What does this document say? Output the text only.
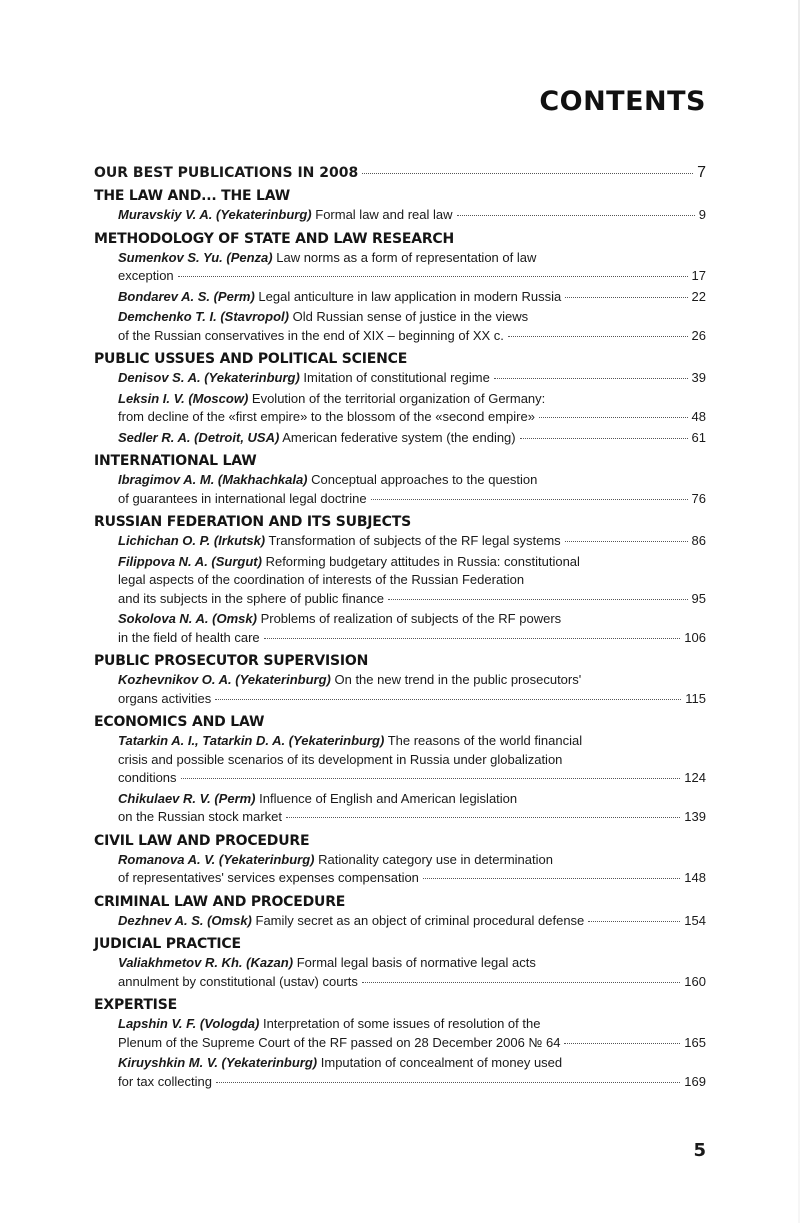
CONTENTS
OUR BEST PUBLICATIONS IN 2008	7
THE LAW AND... THE LAW
Muravskiy V. A. (Yekaterinburg) Formal law and real law	9
METHODOLOGY OF STATE AND LAW RESEARCH
Sumenkov S. Yu. (Penza) Law norms as a form of representation of law
exception	17
Bondarev A. S. (Perm) Legal anticulture in law application in modern Russia	22
Demchenko T. I. (Stavropol) Old Russian sense of justice in the views
of the Russian conservatives in the end of XIX – beginning of XX c.	26
PUBLIC USSUES AND POLITICAL SCIENCE
Denisov S. A. (Yekaterinburg) Imitation of constitutional regime	39
Leksin I. V. (Moscow) Evolution of the territorial organization of Germany:
from decline of the «first empire» to the blossom of the «second empire»	48
Sedler R. A. (Detroit, USA) American federative system (the ending)	61
INTERNATIONAL LAW
Ibragimov A. M. (Makhachkala) Conceptual approaches to the question
of guarantees in international legal doctrine	76
RUSSIAN FEDERATION AND ITS SUBJECTS
Lichichan O. P. (Irkutsk) Transformation of subjects of the RF legal systems	86
Filippova N. A. (Surgut) Reforming budgetary attitudes in Russia: constitutional
legal aspects of the coordination of interests of the Russian Federation
and its subjects in the sphere of public finance	95
Sokolova N. A. (Omsk) Problems of realization of subjects of the RF powers
in the field of health care	106
PUBLIC PROSECUTOR SUPERVISION
Kozhevnikov O. A. (Yekaterinburg) On the new trend in the public prosecutors'
organs activities	115
ECONOMICS AND LAW
Tatarkin A. I., Tatarkin D. A. (Yekaterinburg) The reasons of the world financial
crisis and possible scenarios of its development in Russia under globalization
conditions	124
Chikulaev R. V. (Perm) Influence of English and American legislation
on the Russian stock market	139
CIVIL LAW AND PROCEDURE
Romanova A. V. (Yekaterinburg) Rationality category use in determination
of representatives' services expenses compensation	148
CRIMINAL LAW AND PROCEDURE
Dezhnev A. S. (Omsk) Family secret as an object of criminal procedural defense	154
JUDICIAL PRACTICE
Valiakhmetov R. Kh. (Kazan) Formal legal basis of normative legal acts
annulment by constitutional (ustav) courts	160
EXPERTISE
Lapshin V. F. (Vologda) Interpretation of some issues of resolution of the
Plenum of the Supreme Court of the RF passed on 28 December 2006 № 64	165
Kiruyshkin M. V. (Yekaterinburg) Imputation of concealment of money used
for tax collecting	169
5
